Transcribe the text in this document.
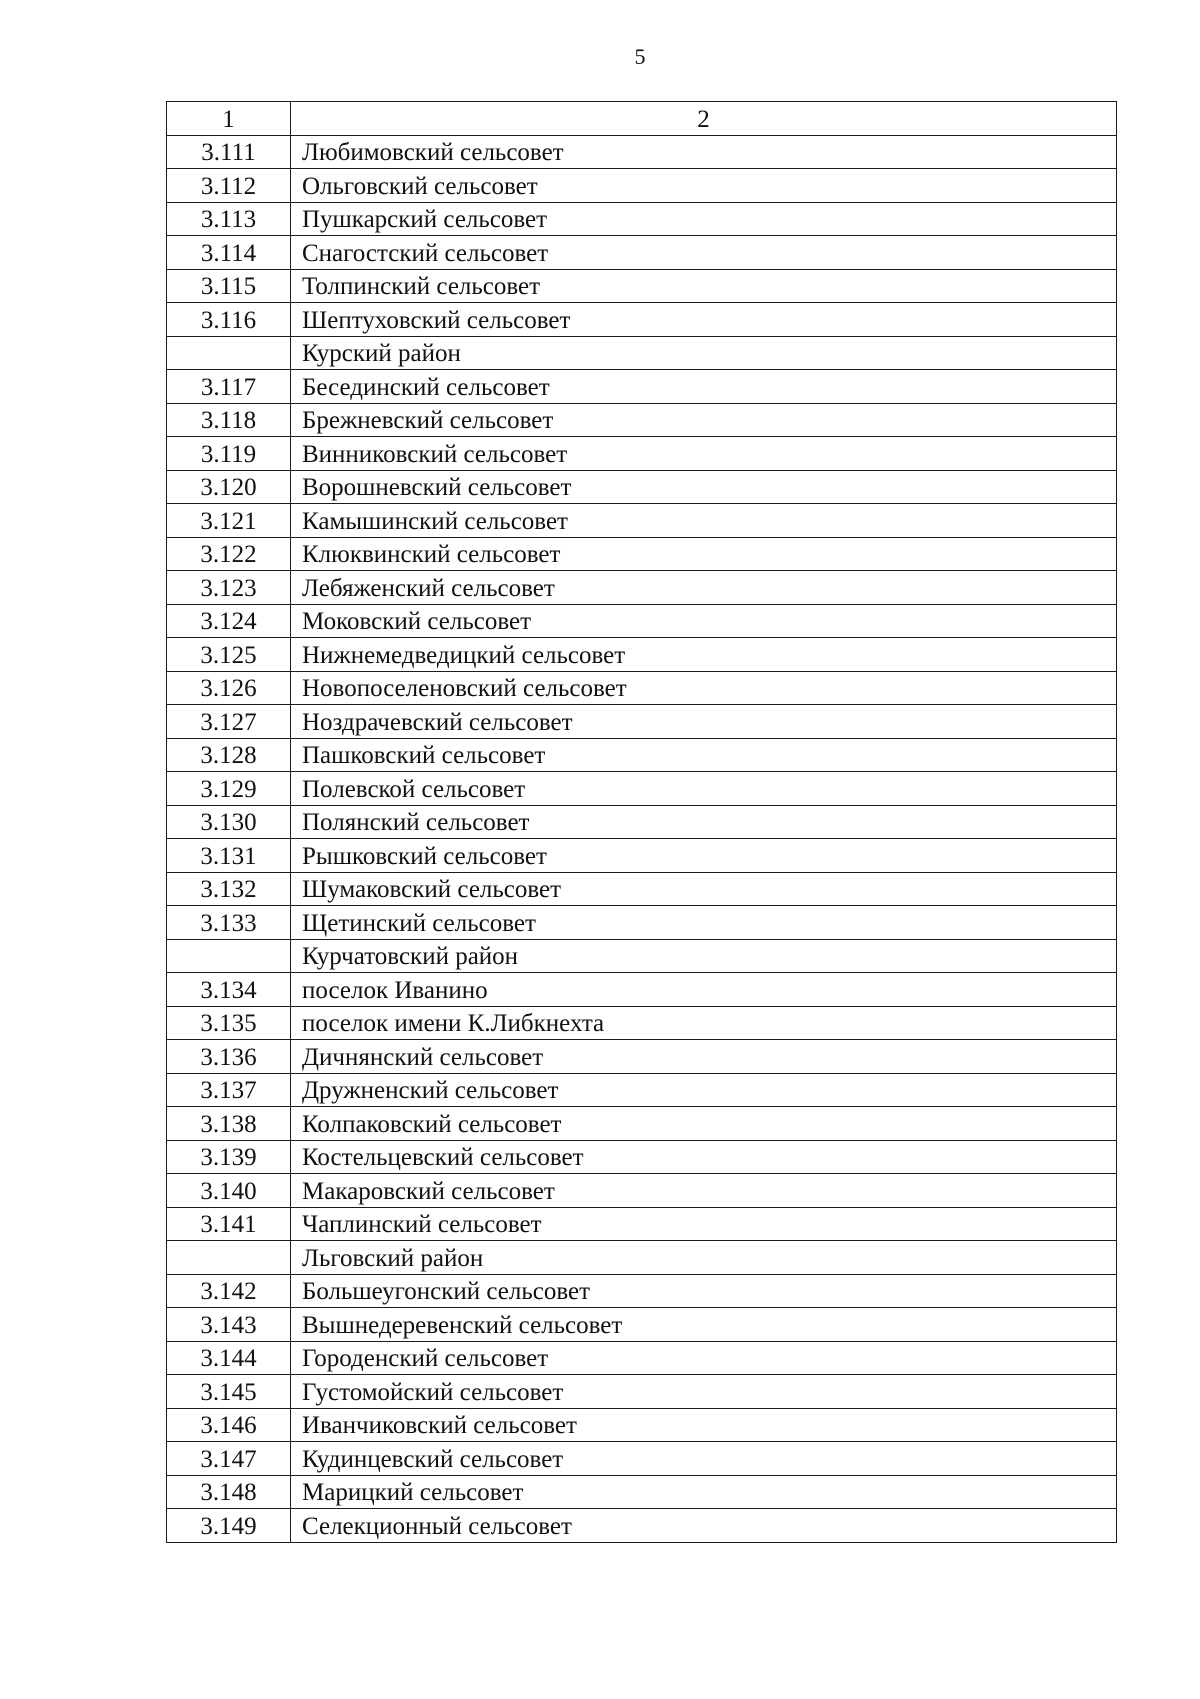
5
1	2
3.111	Любимовский сельсовет
3.112	Ольговский сельсовет
3.113	Пушкарский сельсовет
3.114	Снагостский сельсовет
3.115	Толпинский сельсовет
3.116	Шептуховский сельсовет
	Курский район
3.117	Бесединский сельсовет
3.118	Брежневский сельсовет
3.119	Винниковский сельсовет
3.120	Ворошневский сельсовет
3.121	Камышинский сельсовет
3.122	Клюквинский сельсовет
3.123	Лебяженский сельсовет
3.124	Моковский сельсовет
3.125	Нижнемедведицкий сельсовет
3.126	Новопоселеновский сельсовет
3.127	Ноздрачевский сельсовет
3.128	Пашковский сельсовет
3.129	Полевской сельсовет
3.130	Полянский сельсовет
3.131	Рышковский сельсовет
3.132	Шумаковский сельсовет
3.133	Щетинский сельсовет
	Курчатовский район
3.134	поселок Иванино
3.135	поселок имени К.Либкнехта
3.136	Дичнянский сельсовет
3.137	Дружненский сельсовет
3.138	Колпаковский сельсовет
3.139	Костельцевский сельсовет
3.140	Макаровский сельсовет
3.141	Чаплинский сельсовет
	Льговский район
3.142	Большеугонский сельсовет
3.143	Вышнедеревенский сельсовет
3.144	Городенский сельсовет
3.145	Густомойский сельсовет
3.146	Иванчиковский сельсовет
3.147	Кудинцевский сельсовет
3.148	Марицкий сельсовет
3.149	Селекционный сельсовет
